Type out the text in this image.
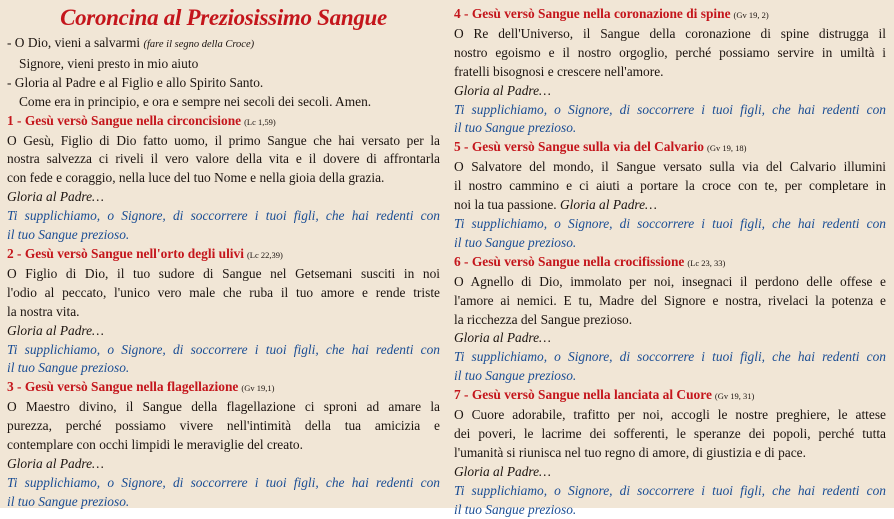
Coroncina al Preziosissimo Sangue
- O Dio, vieni a salvarmi (fare il segno della Croce)
Signore, vieni presto in mio aiuto
- Gloria al Padre e al Figlio e allo Spirito Santo.
Come era in principio, e ora e sempre nei secoli dei secoli. Amen.
1 - Gesù versò Sangue nella circoncisione (Lc 1,59)
O Gesù, Figlio di Dio fatto uomo, il primo Sangue che hai versato per la
nostra salvezza ci riveli il vero valore della vita e il dovere di affrontarla
con fede e coraggio, nella luce del tuo Nome e nella gioia della grazia.
Gloria al Padre…
Ti supplichiamo, o Signore, di soccorrere i tuoi figli, che hai redenti con
il tuo Sangue prezioso.
2 - Gesù versò Sangue nell'orto degli ulivi (Lc 22,39)
O Figlio di Dio, il tuo sudore di Sangue nel Getsemani susciti in noi
l'odio al peccato, l'unico vero male che ruba il tuo amore e rende triste
la nostra vita.
Gloria al Padre…
Ti supplichiamo, o Signore, di soccorrere i tuoi figli, che hai redenti con
il tuo Sangue prezioso.
3 - Gesù versò Sangue nella flagellazione (Gv 19,1)
O Maestro divino, il Sangue della flagellazione ci sproni ad amare la
purezza, perché possiamo vivere nell'intimità della tua amicizia e
contemplare con occhi limpidi le meraviglie del creato.
Gloria al Padre…
Ti supplichiamo, o Signore, di soccorrere i tuoi figli, che hai redenti con
il tuo Sangue prezioso.
4 - Gesù versò Sangue nella coronazione di spine (Gv 19, 2)
O Re dell'Universo, il Sangue della coronazione di spine distrugga il
nostro egoismo e il nostro orgoglio, perché possiamo servire in umiltà i
fratelli bisognosi e crescere nell'amore.
Gloria al Padre…
Ti supplichiamo, o Signore, di soccorrere i tuoi figli, che hai redenti con
il tuo Sangue prezioso.
5 - Gesù versò Sangue sulla via del Calvario (Gv 19, 18)
O Salvatore del mondo, il Sangue versato sulla via del Calvario illumini
il nostro cammino e ci aiuti a portare la croce con te, per completare in
noi la tua passione. Gloria al Padre…
Ti supplichiamo, o Signore, di soccorrere i tuoi figli, che hai redenti con
il tuo Sangue prezioso.
6 - Gesù versò Sangue nella crocifissione (Lc 23, 33)
O Agnello di Dio, immolato per noi, insegnaci il perdono delle offese e
l'amore ai nemici. E tu, Madre del Signore e nostra, rivelaci la potenza e
la ricchezza del Sangue prezioso.
Gloria al Padre…
Ti supplichiamo, o Signore, di soccorrere i tuoi figli, che hai redenti con
il tuo Sangue prezioso.
7 - Gesù versò Sangue nella lanciata al Cuore (Gv 19, 31)
O Cuore adorabile, trafitto per noi, accogli le nostre preghiere, le attese
dei poveri, le lacrime dei sofferenti, le speranze dei popoli, perché tutta
l'umanità si riunisca nel tuo regno di amore, di giustizia e di pace.
Gloria al Padre…
Ti supplichiamo, o Signore, di soccorrere i tuoi figli, che hai redenti con
il tuo Sangue prezioso.
